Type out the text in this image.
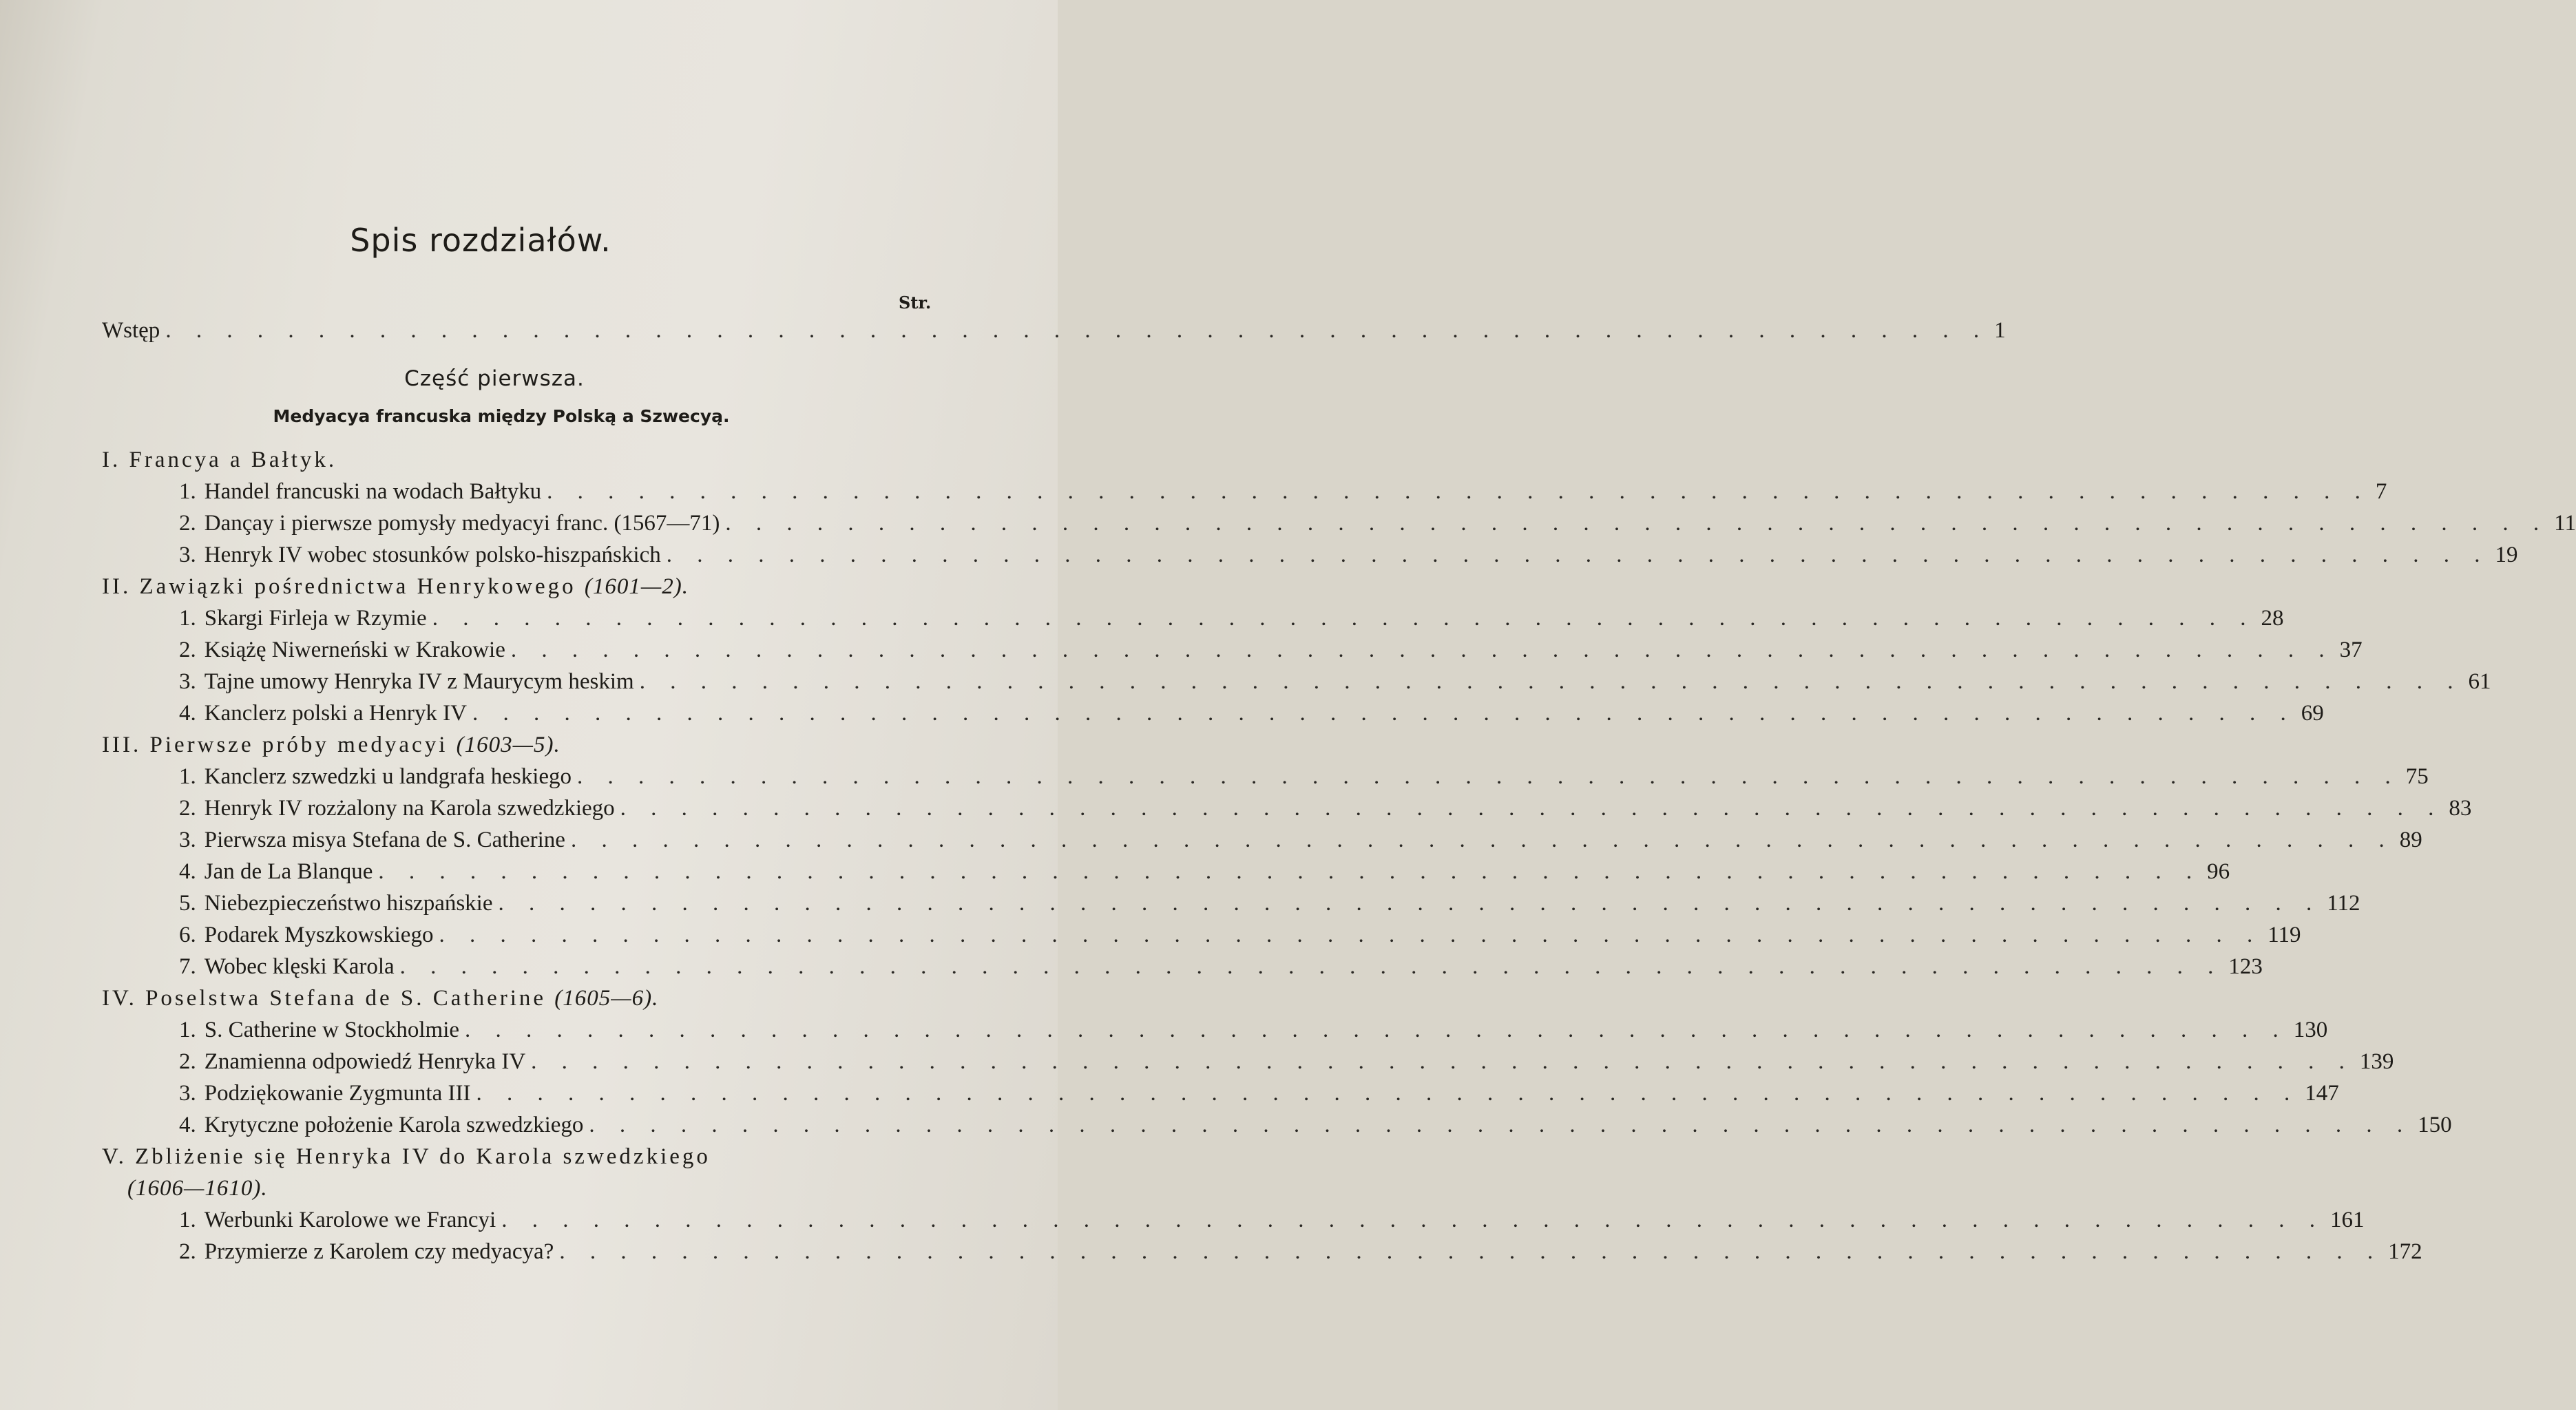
Spis rozdziałów.
Str.
Wstęp . . . . . . . . . . . . . . . . . . . . . . . . . . . . . . . . . . . . . . . . . . . . . . . . . . . . . . . . . . . . 1
Część pierwsza.
Medyacya francuska między Polską a Szwecyą.
I. Francya a Bałtyk.
1. Handel francuski na wodach Bałtyku . . . . . . . . . . . . . . . . . . . . . . . . . . . . . . . . . . . . . . . . . . . . . . . . . . . . . . . . . . . . 7
2. Dançay i pierwsze pomysły medyacyi franc. (1567—71) . . . . . . . . . . . . . . . . . . . . . . . . . . . . . . . . . . . . . . . . . . . . . . . . . . . . . . . . . . . . 11
3. Henryk IV wobec stosunków polsko-hiszpańskich . . . . . . . . . . . . . . . . . . . . . . . . . . . . . . . . . . . . . . . . . . . . . . . . . . . . . . . . . . . . 19
II. Zawiązki pośrednictwa Henrykowego (1601—2).
1. Skargi Firleja w Rzymie . . . . . . . . . . . . . . . . . . . . . . . . . . . . . . . . . . . . . . . . . . . . . . . . . . . . . . . . . . . . 28
2. Książę Niwerneński w Krakowie . . . . . . . . . . . . . . . . . . . . . . . . . . . . . . . . . . . . . . . . . . . . . . . . . . . . . . . . . . . . 37
3. Tajne umowy Henryka IV z Maurycym heskim . . . . . . . . . . . . . . . . . . . . . . . . . . . . . . . . . . . . . . . . . . . . . . . . . . . . . . . . . . . . 61
4. Kanclerz polski a Henryk IV . . . . . . . . . . . . . . . . . . . . . . . . . . . . . . . . . . . . . . . . . . . . . . . . . . . . . . . . . . . . 69
III. Pierwsze próby medyacyi (1603—5).
1. Kanclerz szwedzki u landgrafa heskiego . . . . . . . . . . . . . . . . . . . . . . . . . . . . . . . . . . . . . . . . . . . . . . . . . . . . . . . . . . . . 75
2. Henryk IV rozżalony na Karola szwedzkiego . . . . . . . . . . . . . . . . . . . . . . . . . . . . . . . . . . . . . . . . . . . . . . . . . . . . . . . . . . . . 83
3. Pierwsza misya Stefana de S. Catherine . . . . . . . . . . . . . . . . . . . . . . . . . . . . . . . . . . . . . . . . . . . . . . . . . . . . . . . . . . . . 89
4. Jan de La Blanque . . . . . . . . . . . . . . . . . . . . . . . . . . . . . . . . . . . . . . . . . . . . . . . . . . . . . . . . . . . . 96
5. Niebezpieczeństwo hiszpańskie . . . . . . . . . . . . . . . . . . . . . . . . . . . . . . . . . . . . . . . . . . . . . . . . . . . . . . . . . . . . 112
6. Podarek Myszkowskiego . . . . . . . . . . . . . . . . . . . . . . . . . . . . . . . . . . . . . . . . . . . . . . . . . . . . . . . . . . . . 119
7. Wobec klęski Karola . . . . . . . . . . . . . . . . . . . . . . . . . . . . . . . . . . . . . . . . . . . . . . . . . . . . . . . . . . . . 123
IV. Poselstwa Stefana de S. Catherine (1605—6).
1. S. Catherine w Stockholmie . . . . . . . . . . . . . . . . . . . . . . . . . . . . . . . . . . . . . . . . . . . . . . . . . . . . . . . . . . . . 130
2. Znamienna odpowiedź Henryka IV . . . . . . . . . . . . . . . . . . . . . . . . . . . . . . . . . . . . . . . . . . . . . . . . . . . . . . . . . . . . 139
3. Podziękowanie Zygmunta III . . . . . . . . . . . . . . . . . . . . . . . . . . . . . . . . . . . . . . . . . . . . . . . . . . . . . . . . . . . . 147
4. Krytyczne położenie Karola szwedzkiego . . . . . . . . . . . . . . . . . . . . . . . . . . . . . . . . . . . . . . . . . . . . . . . . . . . . . . . . . . . . 150
V. Zbliżenie się Henryka IV do Karola szwedzkiego
(1606—1610).
1. Werbunki Karolowe we Francyi . . . . . . . . . . . . . . . . . . . . . . . . . . . . . . . . . . . . . . . . . . . . . . . . . . . . . . . . . . . . 161
2. Przymierze z Karolem czy medyacya? . . . . . . . . . . . . . . . . . . . . . . . . . . . . . . . . . . . . . . . . . . . . . . . . . . . . . . . . . . . . 172
